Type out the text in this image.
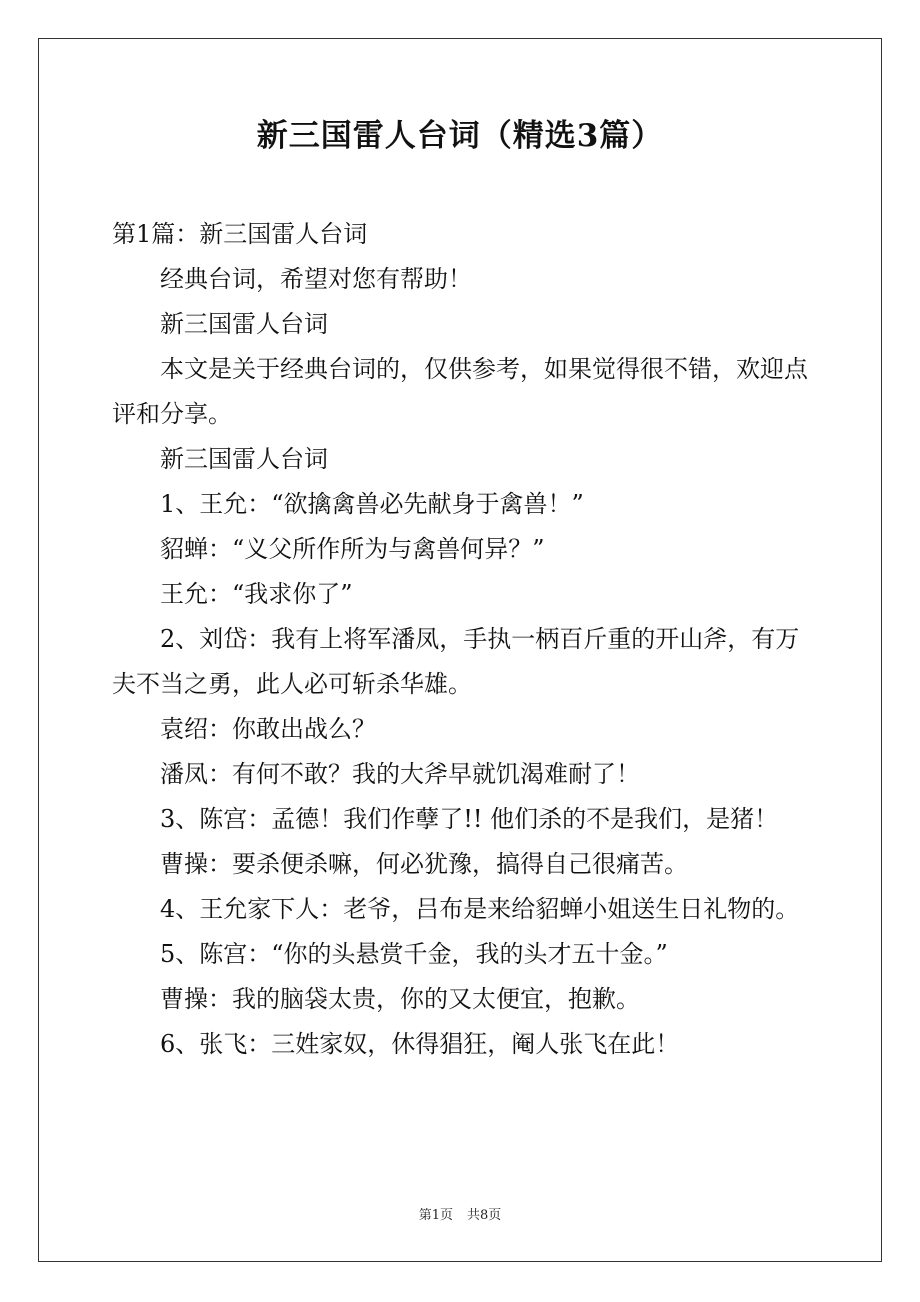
新三国雷人台词（精选3篇）

第1篇：新三国雷人台词

经典台词，希望对您有帮助！

新三国雷人台词

本文是关于经典台词的，仅供参考，如果觉得很不错，欢迎点评和分享。

新三国雷人台词

1、王允：“欲擒禽兽必先献身于禽兽！”

貂蝉：“义父所作所为与禽兽何异？”

王允：“我求你了”

2、刘岱：我有上将军潘凤，手执一柄百斤重的开山斧，有万夫不当之勇，此人必可斩杀华雄。

袁绍：你敢出战么？

潘凤：有何不敢？我的大斧早就饥渴难耐了！

3、陈宫：孟德！我们作孽了!! 他们杀的不是我们，是猪！

曹操：要杀便杀嘛，何必犹豫，搞得自己很痛苦。

4、王允家下人：老爷，吕布是来给貂蝉小姐送生日礼物的。

5、陈宫：“你的头悬赏千金，我的头才五十金。”

曹操：我的脑袋太贵，你的又太便宜，抱歉。

6、张飞：三姓家奴，休得猖狂，阉人张飞在此！

第1页 共8页
